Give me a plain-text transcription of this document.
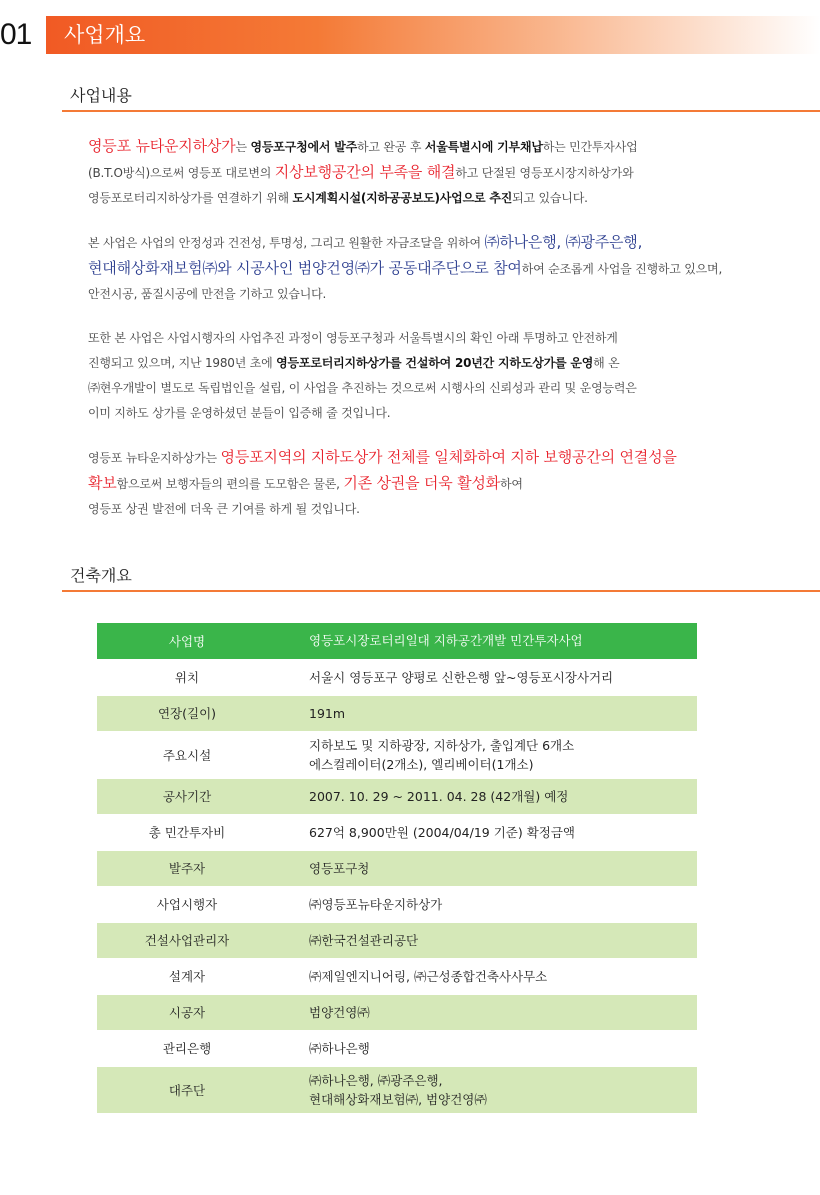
01	사업개요
사업내용
영등포 뉴타운지하상가는 영등포구청에서 발주하고 완공 후 서울특별시에 기부채납하는 민간투자사업
(B.T.O방식)으로써 영등포 대로변의 지상보행공간의 부족을 해결하고 단절된 영등포시장지하상가와
영등포로터리지하상가를 연결하기 위해 도시계획시설(지하공공보도)사업으로 추진되고 있습니다.
본 사업은 사업의 안정성과 건전성, 투명성, 그리고 원활한 자금조달을 위하여 ㈜하나은행, ㈜광주은행,
현대해상화재보험㈜와 시공사인 범양건영㈜가 공동대주단으로 참여하여 순조롭게 사업을 진행하고 있으며,
안전시공, 품질시공에 만전을 기하고 있습니다.
또한 본 사업은 사업시행자의 사업추진 과정이 영등포구청과 서울특별시의 확인 아래 투명하고 안전하게
진행되고 있으며, 지난 1980년 초에 영등포로터리지하상가를 건설하여 20년간 지하도상가를 운영해 온
㈜현우개발이 별도로 독립법인을 설립, 이 사업을 추진하는 것으로써 시행사의 신뢰성과 관리 및 운영능력은
이미 지하도 상가를 운영하셨던 분들이 입증해 줄 것입니다.
영등포 뉴타운지하상가는 영등포지역의 지하도상가 전체를 일체화하여 지하 보행공간의 연결성을
확보함으로써 보행자들의 편의를 도모함은 물론, 기존 상권을 더욱 활성화하여
영등포 상권 발전에 더욱 큰 기여를 하게 될 것입니다.
건축개요
사업명	영등포시장로터리일대 지하공간개발 민간투자사업
위치	서울시 영등포구 양평로 신한은행 앞~영등포시장사거리
연장(길이)	191m
주요시설	지하보도 및 지하광장, 지하상가, 출입계단 6개소
에스컬레이터(2개소), 엘리베이터(1개소)
공사기간	2007. 10. 29 ~ 2011. 04. 28 (42개월) 예정
총 민간투자비	627억 8,900만원 (2004/04/19 기준) 확정금액
발주자	영등포구청
사업시행자	㈜영등포뉴타운지하상가
건설사업관리자	㈜한국건설관리공단
설계자	㈜제일엔지니어링, ㈜근성종합건축사사무소
시공자	범양건영㈜
관리은행	㈜하나은행
대주단	㈜하나은행, ㈜광주은행,
현대해상화재보험㈜, 범양건영㈜
